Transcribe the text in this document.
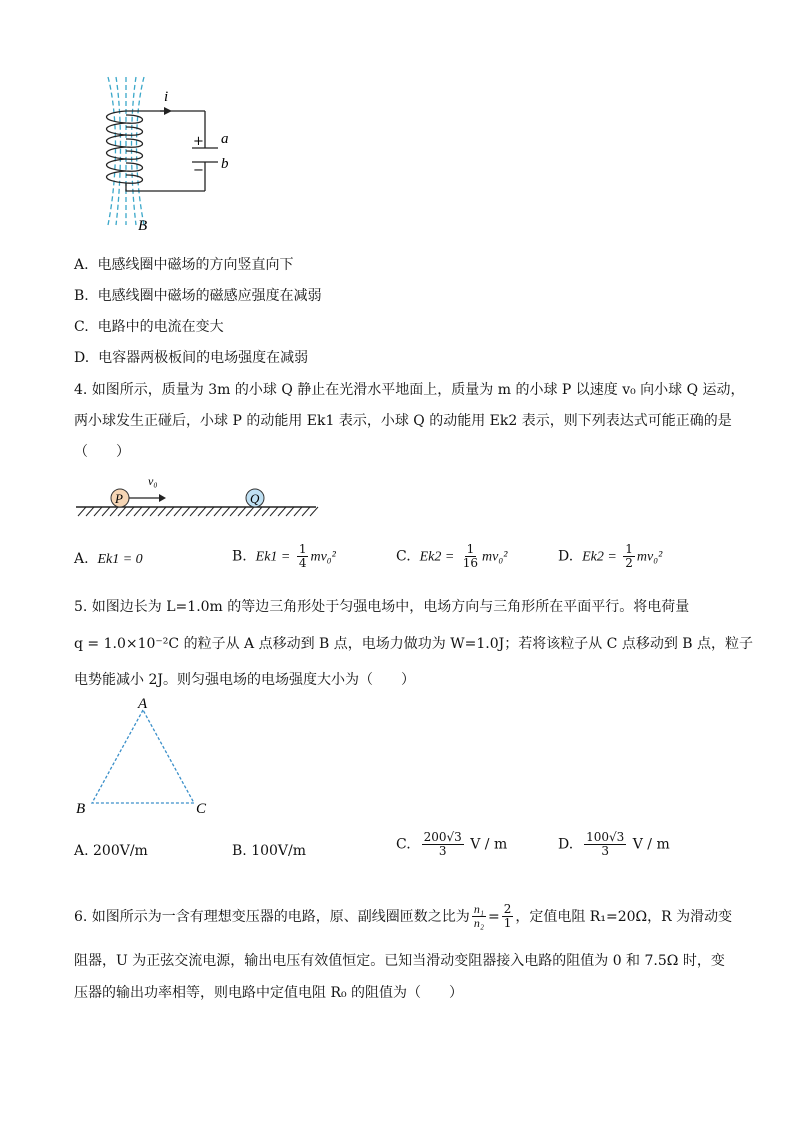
i
+
−
a
b
B
A. 电感线圈中磁场的方向竖直向下
B. 电感线圈中磁场的磁感应强度在减弱
C. 电路中的电流在变大
D. 电容器两极板间的电场强度在减弱
4. 如图所示，质量为 3m 的小球 Q 静止在光滑水平地面上，质量为 m 的小球 P 以速度 v₀ 向小球 Q 运动，
两小球发生正碰后，小球 P 的动能用 Ek1 表示，小球 Q 的动能用 Ek2 表示，则下列表达式可能正确的是
（　　）
P
v₀
Q
A. Ek1 = 0	B. $Ek1 = \frac{1}{4} mv_0^2$	C. $Ek2 = \frac{1}{16} mv_0^2$	D. $Ek2 = \frac{1}{2} mv_0^2$
5. 如图边长为 L=1.0m 的等边三角形处于匀强电场中，电场方向与三角形所在平面平行。将电荷量
q = 1.0×10⁻²C 的粒子从 A 点移动到 B 点，电场力做功为 W=1.0J；若将该粒子从 C 点移动到 B 点，粒子
电势能减小 2J。则匀强电场的电场强度大小为（　　）
A
B	C
A. 200V/m	B. 100V/m	C. $\frac{200√3}{3}$ V / m	D. $\frac{100√3}{3}$ V / m
6. 如图所示为一含有理想变压器的电路，原、副线圈匝数之比为 $\frac{\text{n₁}}{\text{n₂}} = \frac{2}{1}$ ，定值电阻 R₁=20Ω，R 为滑动变
阻器，U 为正弦交流电源，输出电压有效值恒定。已知当滑动变阻器接入电路的阻值为 0 和 7.5Ω 时，变
压器的输出功率相等，则电路中定值电阻 R₀ 的阻值为（　　）
